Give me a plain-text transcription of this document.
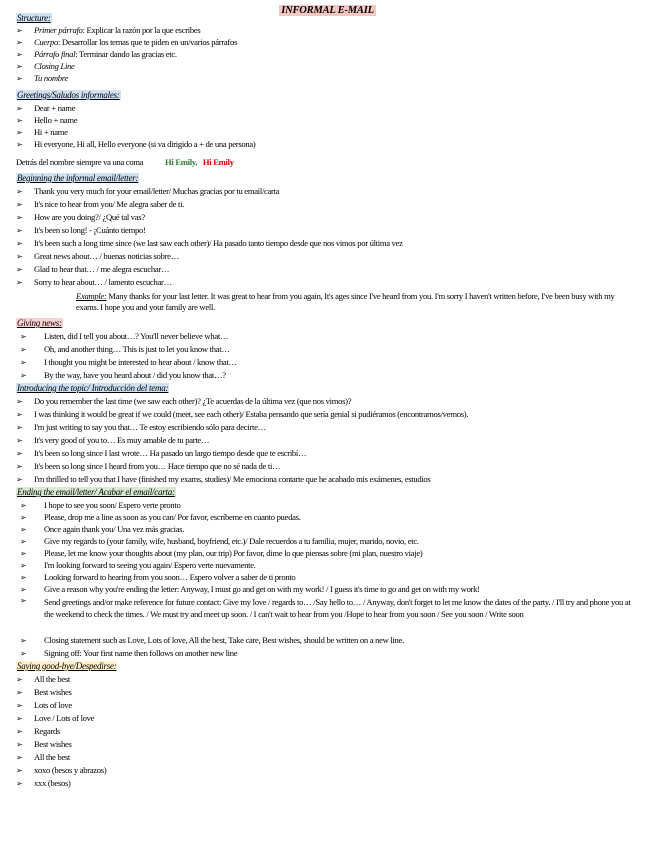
INFORMAL E-MAIL
Structure:
➢ Primer párrafo: Explicar la razón por la que escribes
➢ Cuerpo: Desarrollar los temas que te piden en un/varios párrafos
➢ Párrafo final: Terminar dando las gracias etc.
➢ Closing Line
➢ Tu nombre
Greetings/Saludos informales:
➢ Dear + name
➢ Hello + name
➢ Hi + name
➢ Hi everyone, Hi all, Hello everyone (si va dirigido a + de una persona)
Detrás del nombre siempre va una coma	Hi Emily, Hi Emily
Beginning the informal email/letter:
➢ Thank you very much for your email/letter/ Muchas gracias por tu email/carta
➢ It's nice to hear from you/ Me alegra saber de ti.
➢ How are you doing?/ ¿Qué tal vas?
➢ It's been so long! - ¡Cuánto tiempo!
➢ It's been such a long time since (we last saw each other)/ Ha pasado tanto tiempo desde que nos vimos por última vez
➢ Great news about… / buenas noticias sobre…
➢ Glad to hear that… / me alegra escuchar…
➢ Sorry to hear about… / lamento escuchar…
Example: Many thanks for your last letter. It was great to hear from you again, It's ages since I've heard from you. I'm sorry I haven't written before, I've been busy with my exams. I hope you and your family are well.
Giving news:
➢ Listen, did I tell you about…? You'll never believe what…
➢ Oh, and another thing… This is just to let you know that…
➢ I thought you might be interested to hear about / know that…
➢ By the way, have you heard about / did you know that…?
Introducing the topic/ Introducción del tema:
➢ Do you remember the last time (we saw each other)? ¿Te acuerdas de la última vez (que nos vimos)?
➢ I was thinking it would be great if we could (meet, see each other)/ Estaba pensando que sería genial si pudiéramos (encontrarnos/vernos).
➢ I'm just writing to say you that… Te estoy escribiendo sólo para decirte…
➢ It's very good of you to… Es muy amable de tu parte…
➢ It's been so long since I last wrote… Ha pasado un largo tiempo desde que te escribí…
➢ It's been so long since I heard from you… Hace tiempo que no sé nada de ti…
➢ I'm thrilled to tell you that I have (finished my exams, studies)/ Me emociona contarte que he acabado mis exámenes, estudios
Ending the email/letter/ Acabar el email/carta:
➢ I hope to see you soon/ Espero verte pronto
➢ Please, drop me a line as soon as you can/ Por favor, escríbeme en cuanto puedas.
➢ Once again thank you/ Una vez más gracias.
➢ Give my regards to (your family, wife, husband, boyfriend, etc.)/ Dale recuerdos a tu familia, mujer, marido, novio, etc.
➢ Please, let me know your thoughts about (my plan, our trip) Por favor, dime lo que piensas sobre (mi plan, nuestro viaje)
➢ I'm looking forward to seeing you again/ Espero verte nuevamente.
➢ Looking forward to hearing from you soon… Espero volver a saber de ti pronto
➢ Give a reason why you're ending the letter: Anyway, I must go and get on with my work! / I guess it's time to go and get on with my work!
➢	Send greetings and/or make reference for future contact: Give my love / regards to… /Say hello to… / Anyway, don't forget to let me know the dates of the party. / I'll try and phone you at the weekend to check the times. / We must try and meet up soon. / I can't wait to hear from you /Hope to hear from you soon / See you soon / Write soon
➢ Closing statement such as Love, Lots of love, All the best, Take care, Best wishes, should be written on a new line.
➢ Signing off: Your first name then follows on another new line
Saying good-bye/Despedirse:
➢ All the best
➢ Best wishes
➢ Lots of love
➢ Love / Lots of love
➢ Regards
➢ Best wishes
➢ All the best
➢ xoxo (besos y abrazos)
➢ xxx (besos)
